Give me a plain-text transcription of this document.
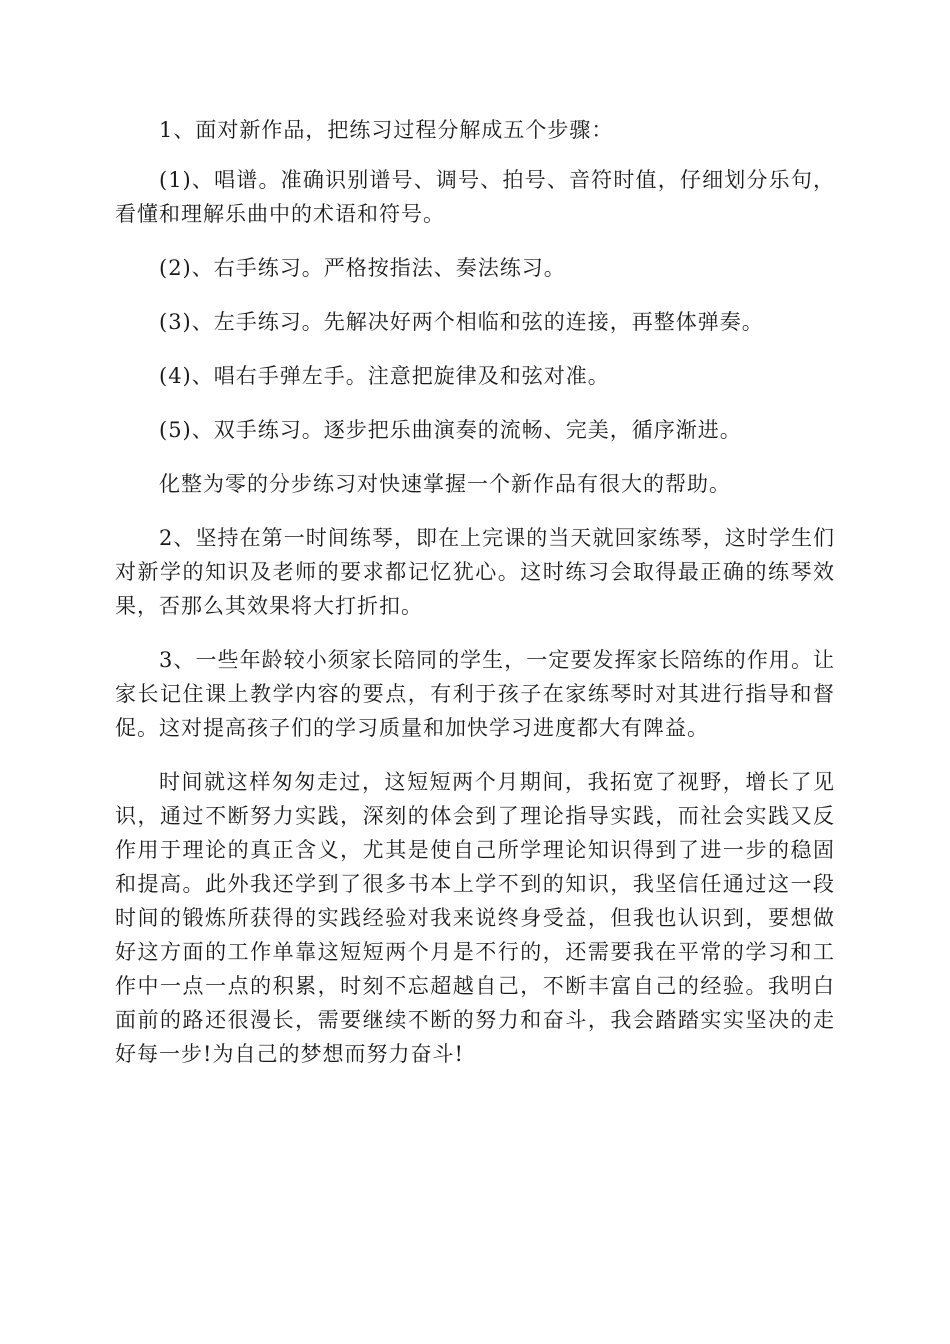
1、面对新作品，把练习过程分解成五个步骤：

(1)、唱谱。准确识别谱号、调号、拍号、音符时值，仔细划分乐句，看懂和理解乐曲中的术语和符号。

(2)、右手练习。严格按指法、奏法练习。

(3)、左手练习。先解决好两个相临和弦的连接，再整体弹奏。

(4)、唱右手弹左手。注意把旋律及和弦对准。

(5)、双手练习。逐步把乐曲演奏的流畅、完美，循序渐进。

化整为零的分步练习对快速掌握一个新作品有很大的帮助。

2、坚持在第一时间练琴，即在上完课的当天就回家练琴，这时学生们对新学的知识及老师的要求都记忆犹心。这时练习会取得最正确的练琴效果，否那么其效果将大打折扣。

3、一些年龄较小须家长陪同的学生，一定要发挥家长陪练的作用。让家长记住课上教学内容的要点，有利于孩子在家练琴时对其进行指导和督促。这对提高孩子们的学习质量和加快学习进度都大有陴益。

时间就这样匆匆走过，这短短两个月期间，我拓宽了视野，增长了见识，通过不断努力实践，深刻的体会到了理论指导实践，而社会实践又反作用于理论的真正含义，尤其是使自己所学理论知识得到了进一步的稳固和提高。此外我还学到了很多书本上学不到的知识，我坚信任通过这一段时间的锻炼所获得的实践经验对我来说终身受益，但我也认识到，要想做好这方面的工作单靠这短短两个月是不行的，还需要我在平常的学习和工作中一点一点的积累，时刻不忘超越自己，不断丰富自己的经验。我明白面前的路还很漫长，需要继续不断的努力和奋斗，我会踏踏实实坚决的走好每一步!为自己的梦想而努力奋斗!
